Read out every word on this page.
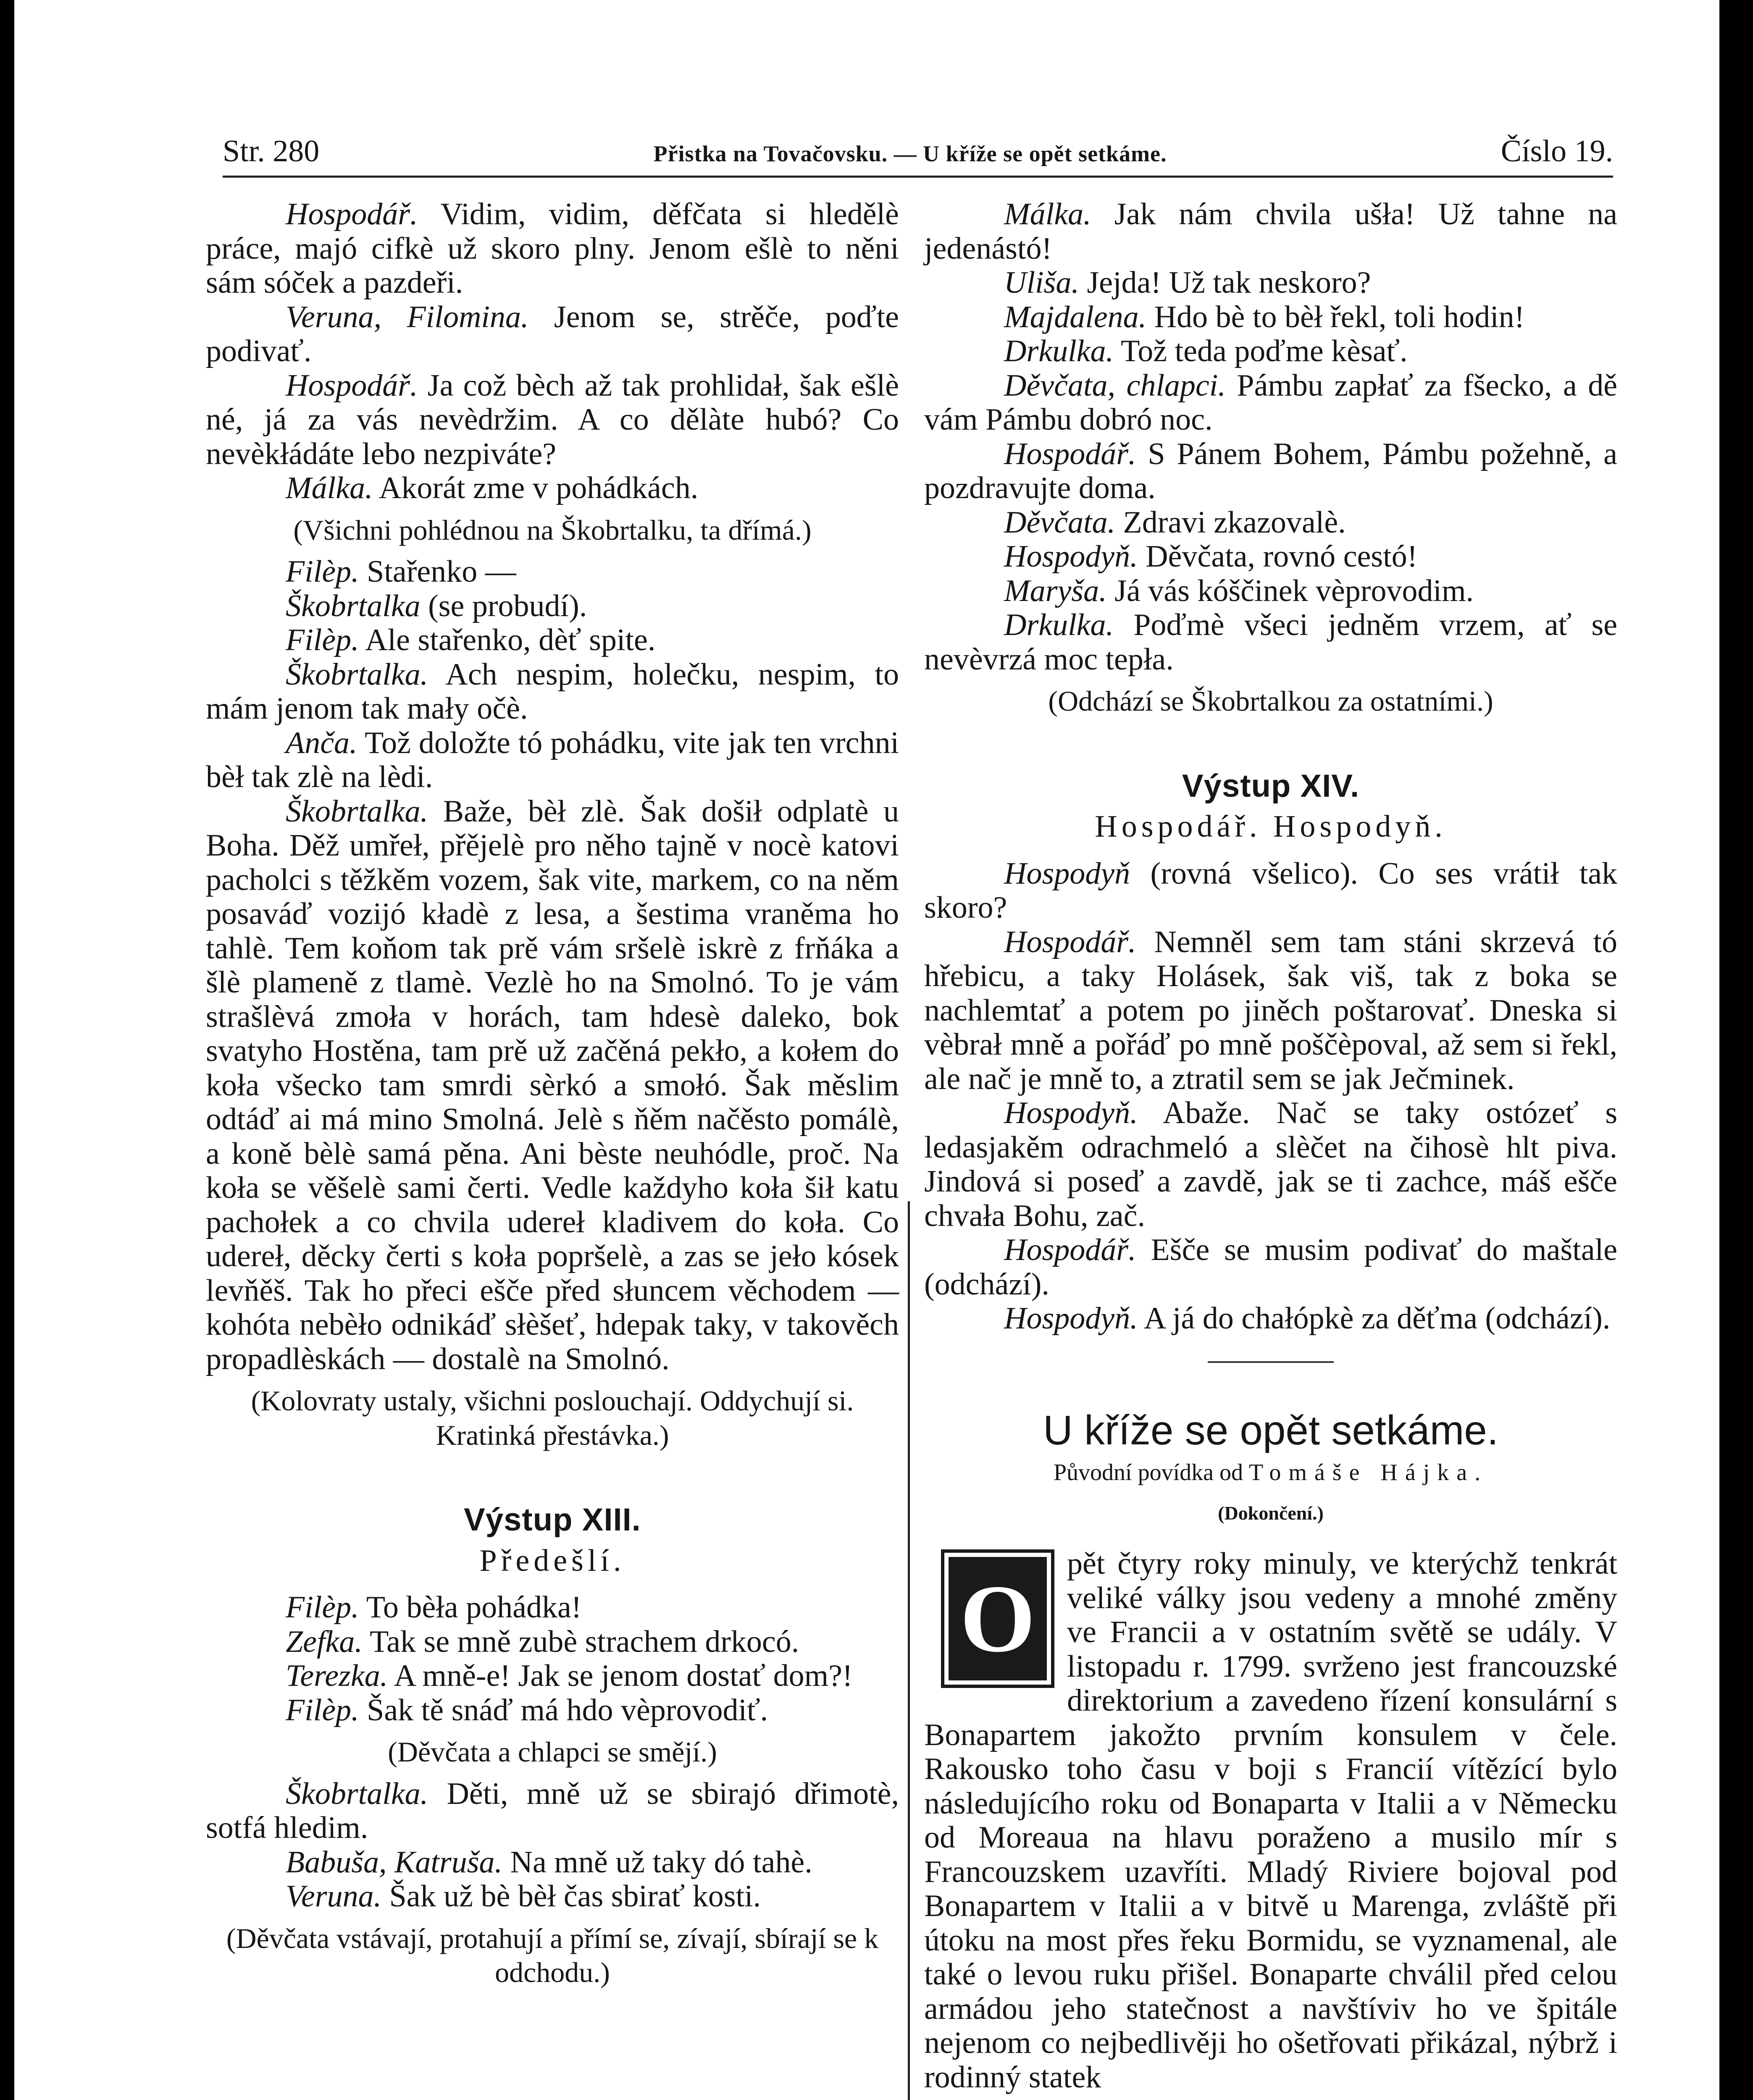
Str. 280	Přistka na Tovačovsku. — U kříže se opět setkáme.	Číslo 19.

Hospodář. Vidim, vidim, děfčata si hledělè práce, majó cifkè už skoro plny. Jenom ešlè to něni sám sóček a pazdeři.

Veruna, Filomina. Jenom se, strěče, poďte podivať.

Hospodář. Ja což bèch až tak prohlidał, šak ešlè né, já za vás nevèdržim. A co dělàte hubó? Co nevèkłádáte lebo nezpiváte?

Málka. Akorát zme v pohádkách.

(Všichni pohlédnou na Škobrtalku, ta dřímá.)

Filèp. Stařenko —

Škobrtalka (se probudí).

Filèp. Ale stařenko, dèť spite.

Škobrtalka. Ach nespim, holečku, nespim, to mám jenom tak mały očè.

Anča. Tož doložte tó pohádku, vite jak ten vrchni bèł tak zlè na lèdi.

Škobrtalka. Baže, bèł zlè. Šak došił odplatè u Boha. Děž umřeł, přějelè pro něho tajně v nocè katovi pacholci s těžkěm vozem, šak vite, markem, co na něm posaváď vozijó kładè z lesa, a šestima vraněma ho tahlè. Tem koňom tak prě vám sršelè iskrè z frňáka a šlè plameně z tlamè. Vezlè ho na Smolnó. To je vám strašlèvá zmoła v horách, tam hdesè daleko, bok svatyho Hostěna, tam prě už začěná pekło, a kołem do koła všecko tam smrdi sèrkó a smołó. Šak měslim odtáď ai má mino Smolná. Jelè s ňěm načěsto pomálè, a koně bèlè samá pěna. Ani bèste neuhódle, proč. Na koła se věšelè sami čerti. Vedle každyho koła šił katu pachołek a co chvila udereł kladivem do koła. Co udereł, děcky čerti s koła popršelè, a zas se jeło kósek levňěš. Tak ho přeci ešče před słuncem věchodem — kohóta nebèło odnikáď słèšeť, hdepak taky, v takověch propadlèskách — dostalè na Smolnó.

(Kolovraty ustaly, všichni poslouchají. Oddychují si. Kratinká přestávka.)

Výstup XIII.

Předešlí.

Filèp. To bèła pohádka!

Zefka. Tak se mně zubè strachem drkocó.

Terezka. A mně-e! Jak se jenom dostať dom?!

Filèp. Šak tě snáď má hdo vèprovodiť.

(Děvčata a chlapci se smějí.)

Škobrtalka. Děti, mně už se sbirajó dřimotè, sotfá hledim.

Babuša, Katruša. Na mně už taky dó tahè.

Veruna. Šak už bè bèł čas sbirať kosti.

(Děvčata vstávají, protahují a přímí se, zívají, sbírají se k odchodu.)

Málka. Jak nám chvila ušła! Už tahne na jedenástó!

Uliša. Jejda! Už tak neskoro?

Majdalena. Hdo bè to bèł řekl, toli hodin!

Drkulka. Tož teda poďme kèsať.

Děvčata, chlapci. Pámbu zapłať za fšecko, a dě vám Pámbu dobró noc.

Hospodář. S Pánem Bohem, Pámbu požehně, a pozdravujte doma.

Děvčata. Zdravi zkazovalè.

Hospodyň. Děvčata, rovnó cestó!

Maryša. Já vás kóščinek vèprovodim.

Drkulka. Poďmè všeci jedněm vrzem, ať se nevèvrzá moc tepła.

(Odchází se Škobrtalkou za ostatními.)

Výstup XIV.

Hospodář. Hospodyň.

Hospodyň (rovná všelico). Co ses vrátił tak skoro?

Hospodář. Nemněl sem tam stáni skrzevá tó hřebicu, a taky Holásek, šak viš, tak z boka se nachlemtať a potem po jiněch poštarovať. Dneska si vèbrał mně a pořáď po mně poščèpoval, až sem si řekl, ale nač je mně to, a ztratil sem se jak Ječminek.

Hospodyň. Abaže. Nač se taky ostózeť s ledasjakěm odrachmeló a slèčet na čihosè hlt piva. Jindová si poseď a zavdě, jak se ti zachce, máš ešče chvała Bohu, zač.

Hospodář. Ešče se musim podivať do maštale (odchází).

Hospodyň. A já do chałópkè za děťma (odchází).

U kříže se opět setkáme.

Původní povídka od Tomáše Hájka.

(Dokončení.)

O

pět čtyry roky minuly, ve kterýchž tenkrát veliké války jsou vedeny a mnohé změny ve Francii a v ostatním světě se udály. V listopadu r. 1799. svrženo jest francouzské direktorium a zavedeno řízení konsulární s Bonapartem jakožto prvním konsulem v čele. Rakousko toho času v boji s Francií vítězící bylo následujícího roku od Bonaparta v Italii a v Německu od Moreaua na hlavu poraženo a musilo mír s Francouzskem uzavříti. Mladý Riviere bojoval pod Bonapartem v Italii a v bitvě u Marenga, zvláště při útoku na most přes řeku Bormidu, se vyznamenal, ale také o levou ruku přišel. Bonaparte chválil před celou armádou jeho statečnost a navštíviv ho ve špitále nejenom co nejbedlivěji ho ošetřovati přikázal, nýbrž i rodinný statek
